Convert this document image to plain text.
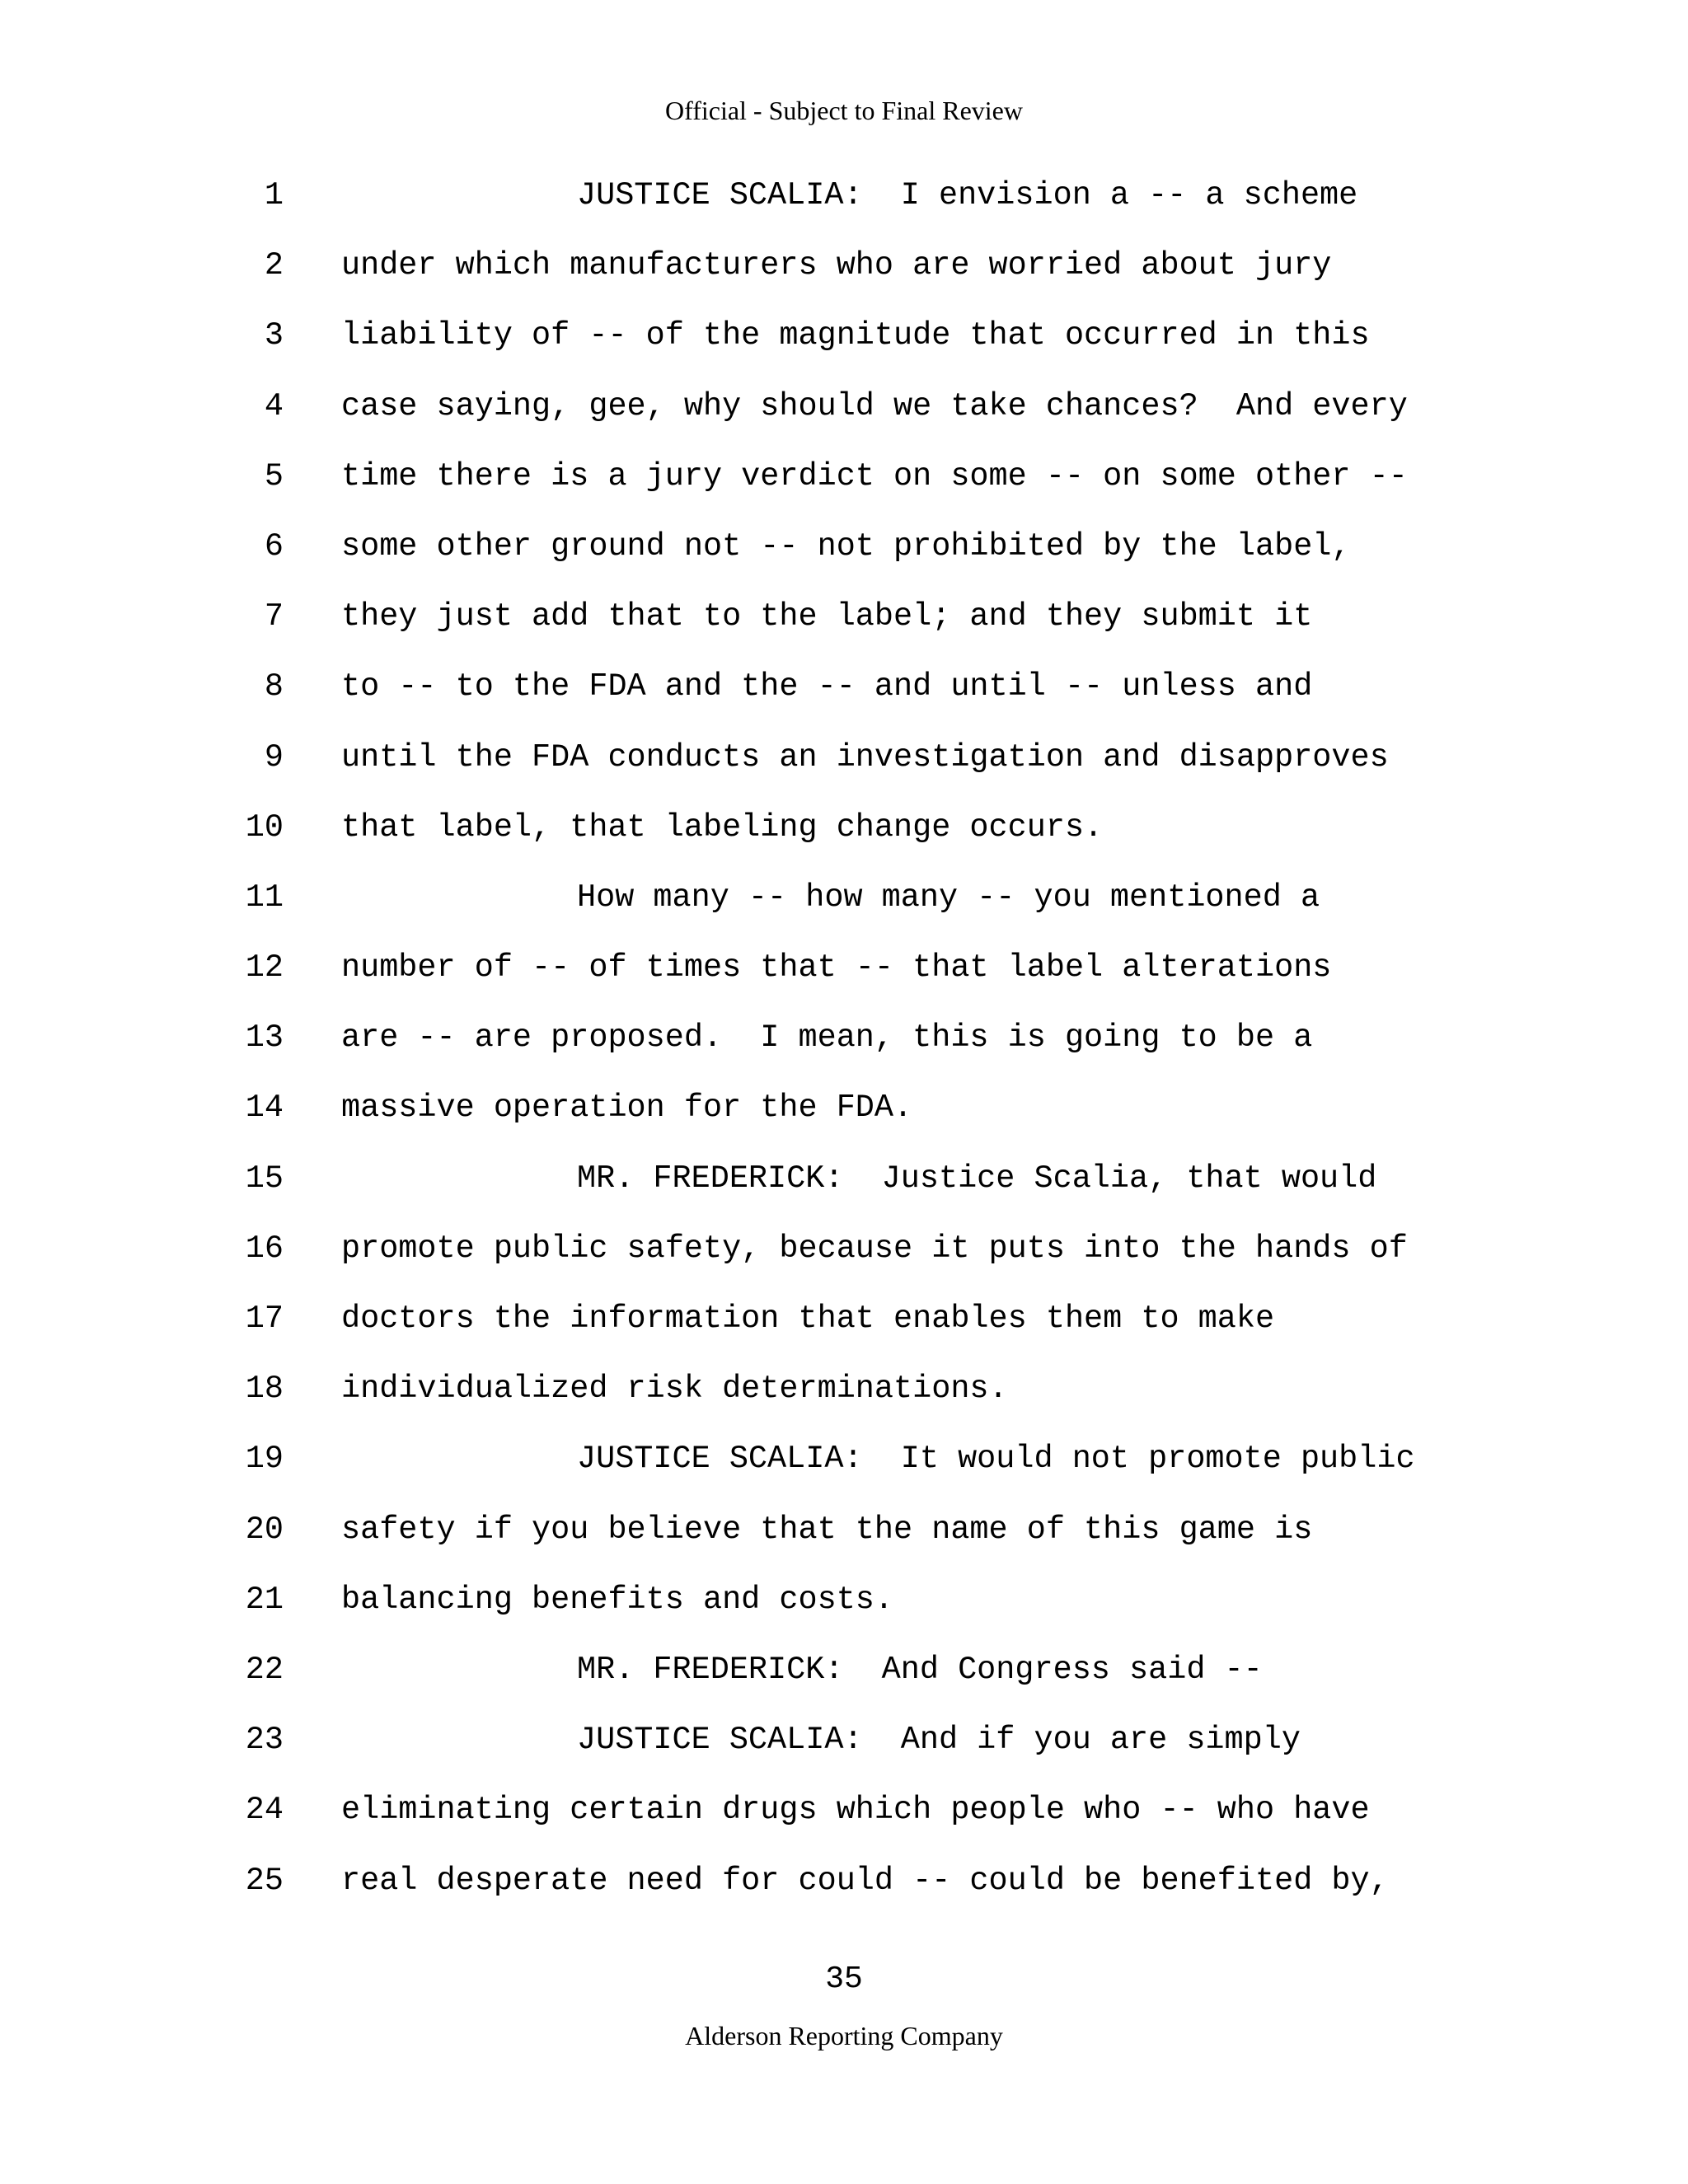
Official - Subject to Final Review
1	JUSTICE SCALIA:  I envision a -- a scheme
2 under which manufacturers who are worried about jury
3 liability of -- of the magnitude that occurred in this
4 case saying, gee, why should we take chances?  And every
5 time there is a jury verdict on some -- on some other --
6 some other ground not -- not prohibited by the label,
7 they just add that to the label; and they submit it
8 to -- to the FDA and the -- and until -- unless and
9 until the FDA conducts an investigation and disapproves
10 that label, that labeling change occurs.
11	How many -- how many -- you mentioned a
12 number of -- of times that -- that label alterations
13 are -- are proposed.  I mean, this is going to be a
14 massive operation for the FDA.
15	MR. FREDERICK:  Justice Scalia, that would
16 promote public safety, because it puts into the hands of
17 doctors the information that enables them to make
18 individualized risk determinations.
19	JUSTICE SCALIA:  It would not promote public
20 safety if you believe that the name of this game is
21 balancing benefits and costs.
22	MR. FREDERICK:  And Congress said --
23	JUSTICE SCALIA:  And if you are simply
24 eliminating certain drugs which people who -- who have
25 real desperate need for could -- could be benefited by,
35
Alderson Reporting Company
